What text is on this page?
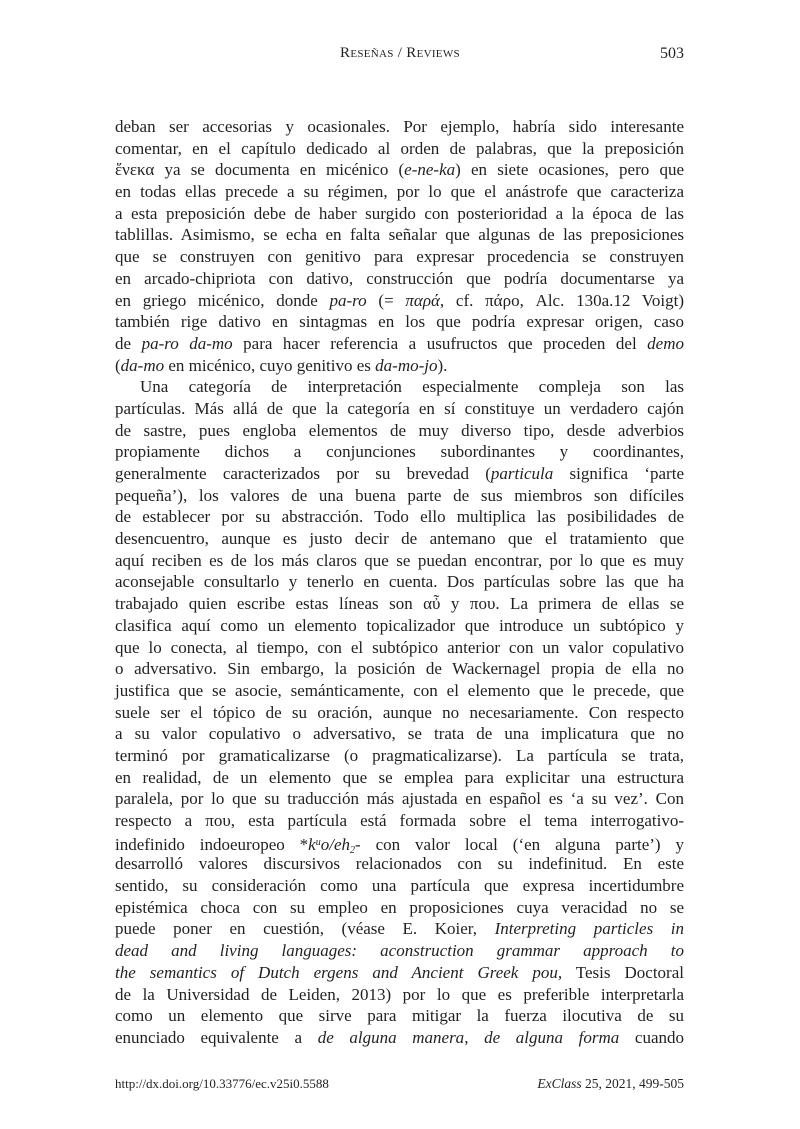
Reseñas / Reviews	503
deban ser accesorias y ocasionales. Por ejemplo, habría sido interesante
comentar, en el capítulo dedicado al orden de palabras, que la preposición
ἕνεκα ya se documenta en micénico (e-ne-ka) en siete ocasiones, pero que
en todas ellas precede a su régimen, por lo que el anástrofe que caracteriza
a esta preposición debe de haber surgido con posterioridad a la época de las
tablillas. Asimismo, se echa en falta señalar que algunas de las preposiciones
que se construyen con genitivo para expresar procedencia se construyen
en arcado-chipriota con dativo, construcción que podría documentarse ya
en griego micénico, donde pa-ro (= παρά, cf. πάρο, Alc. 130a.12 Voigt)
también rige dativo en sintagmas en los que podría expresar origen, caso
de pa-ro da-mo para hacer referencia a usufructos que proceden del demo
(da-mo en micénico, cuyo genitivo es da-mo-jo).
Una categoría de interpretación especialmente compleja son las
partículas. Más allá de que la categoría en sí constituye un verdadero cajón
de sastre, pues engloba elementos de muy diverso tipo, desde adverbios
propiamente dichos a conjunciones subordinantes y coordinantes,
generalmente caracterizados por su brevedad (particula significa ‘parte
pequeña’), los valores de una buena parte de sus miembros son difíciles
de establecer por su abstracción. Todo ello multiplica las posibilidades de
desencuentro, aunque es justo decir de antemano que el tratamiento que
aquí reciben es de los más claros que se puedan encontrar, por lo que es muy
aconsejable consultarlo y tenerlo en cuenta. Dos partículas sobre las que ha
trabajado quien escribe estas líneas son αὖ y που. La primera de ellas se
clasifica aquí como un elemento topicalizador que introduce un subtópico y
que lo conecta, al tiempo, con el subtópico anterior con un valor copulativo
o adversativo. Sin embargo, la posición de Wackernagel propia de ella no
justifica que se asocie, semánticamente, con el elemento que le precede, que
suele ser el tópico de su oración, aunque no necesariamente. Con respecto
a su valor copulativo o adversativo, se trata de una implicatura que no
terminó por gramaticalizarse (o pragmaticalizarse). La partícula se trata,
en realidad, de un elemento que se emplea para explicitar una estructura
paralela, por lo que su traducción más ajustada en español es ‘a su vez’. Con
respecto a που, esta partícula está formada sobre el tema interrogativo-
indefinido indoeuropeo $*k^uo/eh_2-$ con valor local (‘en alguna parte’) y
desarrolló valores discursivos relacionados con su indefinitud. En este
sentido, su consideración como una partícula que expresa incertidumbre
epistémica choca con su empleo en proposiciones cuya veracidad no se
puede poner en cuestión, (véase E. Koier, Interpreting particles in
dead and living languages: aconstruction grammar approach to
the semantics of Dutch ergens and Ancient Greek pou, Tesis Doctoral
de la Universidad de Leiden, 2013) por lo que es preferible interpretarla
como un elemento que sirve para mitigar la fuerza ilocutiva de su
enunciado equivalente a de alguna manera, de alguna forma cuando
http://dx.doi.org/10.33776/ec.v25i0.5588	ExClass 25, 2021, 499-505
